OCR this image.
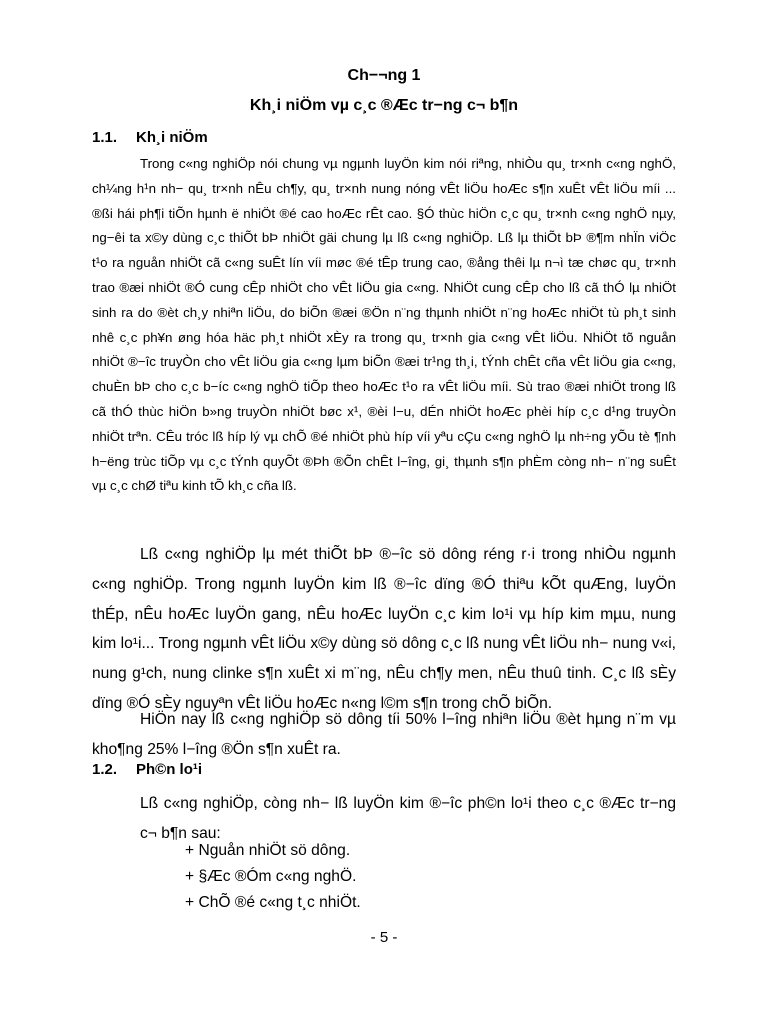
Ch−¬ng 1

Kh¸i niÖm vµ c¸c ®Æc tr−ng c¬ b¶n

1.1. Kh¸i niÖm

Trong c«ng nghiÖp nói chung vµ ngµnh luyÖn kim nói riªng, nhiÒu qu¸ tr×nh c«ng nghÖ, ch¼ng h¹n nh− qu¸ tr×nh nÊu ch¶y, qu¸ tr×nh nung nóng vÊt liÖu hoÆc s¶n xuÊt vÊt liÖu míi ... ®ßi hái ph¶i tiÕn hµnh ë nhiÖt ®é cao hoÆc rÊt cao. §Ó thùc hiÖn c¸c qu¸ tr×nh c«ng nghÖ nµy, ng−êi ta x©y dùng c¸c thiÕt bÞ nhiÖt gäi chung lµ lß c«ng nghiÖp. Lß lµ thiÕt bÞ ®¶m nhÏn viÖc t¹o ra nguån nhiÖt cã c«ng suÊt lín víi møc ®é tÊp trung cao, ®ång thêi lµ n¬ì tæ chøc qu¸ tr×nh trao ®æi nhiÖt ®Ó cung cÊp nhiÖt cho vÊt liÖu gia c«ng. NhiÖt cung cÊp cho lß cã thÓ lµ nhiÖt sinh ra do ®èt ch¸y nhiªn liÖu, do biÕn ®æi ®Ön n¨ng thµnh nhiÖt n¨ng hoÆc nhiÖt tù ph¸t sinh nhê c¸c ph¥n øng hóa häc ph¸t nhiÖt xÈy ra trong qu¸ tr×nh gia c«ng vÊt liÖu. NhiÖt tõ nguån nhiÖt ®−îc truyÒn cho vÊt liÖu gia c«ng lµm biÕn ®æi tr¹ng th¸i, tÝnh chÊt cña vÊt liÖu gia c«ng, chuÈn bÞ cho c¸c b−íc c«ng nghÖ tiÕp theo hoÆc t¹o ra vÊt liÖu míi. Sù trao ®æi nhiÖt trong lß cã thÓ thùc hiÖn b»ng truyÒn nhiÖt bøc x¹, ®èi l−u, dÉn nhiÖt hoÆc phèi híp c¸c d¹ng truyÒn nhiÖt trªn. CÊu tróc lß híp lý vµ chÕ ®é nhiÖt phù híp víi yªu cÇu c«ng nghÖ lµ nh÷ng yÕu tè ¶nh h−ëng trùc tiÕp vµ c¸c tÝnh quyÕt ®Þh ®Õn chÊt l−îng, gi¸ thµnh s¶n phÈm còng nh− n¨ng suÊt vµ c¸c chØ tiªu kinh tÕ kh¸c cña lß.

Lß c«ng nghiÖp lµ mét thiÕt bÞ ®−îc sö dông réng r·i trong nhiÒu ngµnh c«ng nghiÖp. Trong ngµnh luyÖn kim lß ®−îc dïng ®Ó thiªu kÕt quÆng, luyÖn thÉp, nÊu hoÆc luyÖn gang, nÊu hoÆc luyÖn c¸c kim lo¹i vµ híp kim mµu, nung kim lo¹i... Trong ngµnh vÊt liÖu x©y dùng sö dông c¸c lß nung vÊt liÖu nh− nung v«i, nung g¹ch, nung clinke s¶n xuÊt xi m¨ng, nÊu ch¶y men, nÊu thuû tinh. C¸c lß sÈy dïng ®Ó sÈy nguyªn vÊt liÖu hoÆc n«ng l©m s¶n trong chÕ biÕn.

HiÖn nay lß c«ng nghiÖp sö dông tíi 50% l−îng nhiªn liÖu ®èt hµng n¨m vµ kho¶ng 25% l−îng ®Ön s¶n xuÊt ra.

1.2. Ph©n lo¹i

Lß c«ng nghiÖp, còng nh− lß luyÖn kim ®−îc ph©n lo¹i theo c¸c ®Æc tr−ng c¬ b¶n sau:

+ Nguån nhiÖt sö dông.

+ §Æc ®Óm c«ng nghÖ.

+ ChÕ ®é c«ng t¸c nhiÖt.

- 5 -
